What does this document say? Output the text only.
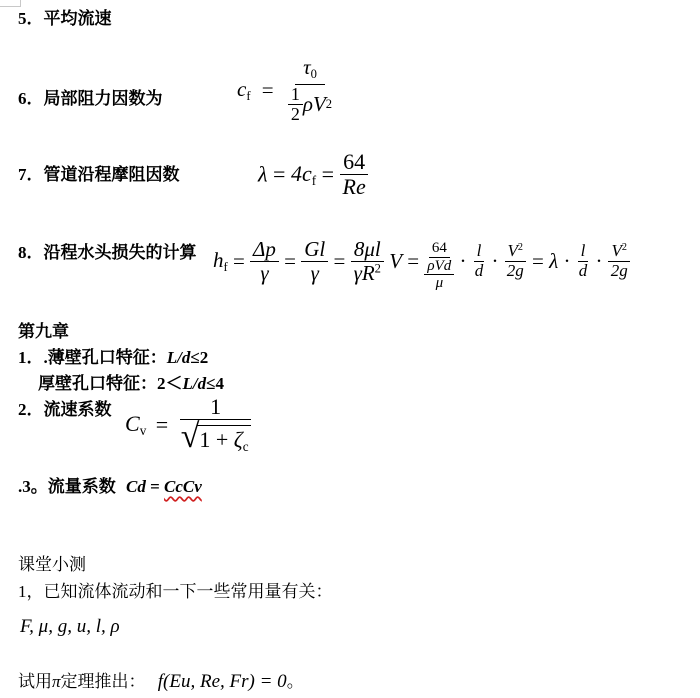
5．平均流速
6．局部阻力因数为	$c_f = \frac{\tau_0}{\frac{1}{2} \rho V 2}$
7．管道沿程摩阻因数	$\lambda = 4c_f = \frac{64}{Re}$
8．沿程水头损失的计算 $h_f = \frac{\Delta p}{\gamma} = \frac{Gl}{\gamma} = \frac{8\mu l}{\gamma R^2}$ V =
64
ρVd
μ
· $\frac{l}{d} \cdot \frac{V^2}{2g} = \lambda \cdot \frac{l}{d} \cdot \frac{V^2}{2g}$
第九章
1．.薄壁孔口特征：L/d≤2
厚壁孔口特征：2＜L/d≤4
2．流速系数
$C_v = \frac{1}{√ 1 + \zeta_c}$
.3。流量系数 Cd = CcCv
课堂小测
1，已知流体流动和一下一些常用量有关：
F, μ, g, u, l, ρ
试用π定理推出： f(Eu, Re, Fr) = 0。
